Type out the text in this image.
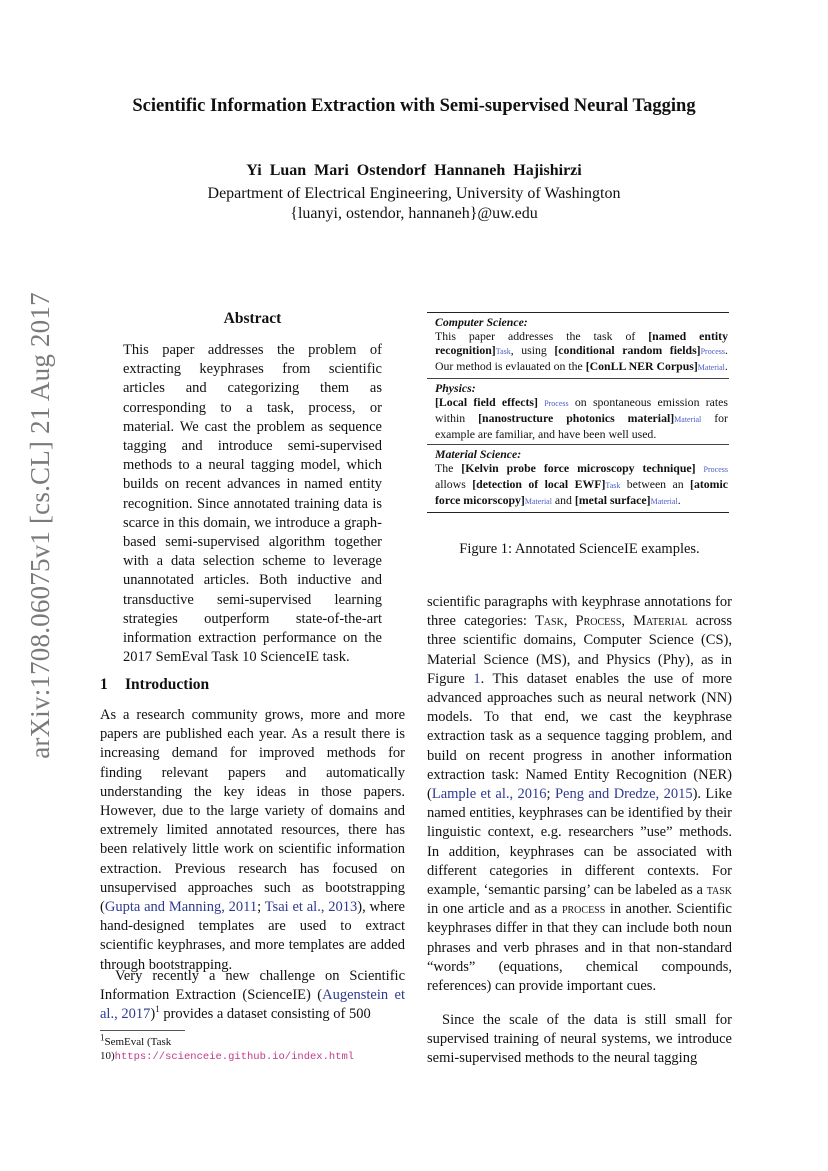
arXiv:1708.06075v1 [cs.CL] 21 Aug 2017
Scientific Information Extraction with Semi-supervised Neural Tagging
Yi Luan Mari Ostendorf Hannaneh Hajishirzi
Department of Electrical Engineering, University of Washington
{luanyi, ostendor, hannaneh}@uw.edu
Abstract

This paper addresses the problem of extracting keyphrases from scientific articles and categorizing them as corresponding to a task, process, or material. We cast the problem as sequence tagging and introduce semi-supervised methods to a neural tagging model, which builds on recent advances in named entity recognition. Since annotated training data is scarce in this domain, we introduce a graph-based semi-supervised algorithm together with a data selection scheme to leverage unannotated articles. Both inductive and transductive semi-supervised learning strategies outperform state-of-the-art information extraction performance on the 2017 SemEval Task 10 ScienceIE task.

1 Introduction

As a research community grows, more and more papers are published each year. As a result there is increasing demand for improved methods for finding relevant papers and automatically understanding the key ideas in those papers. However, due to the large variety of domains and extremely limited annotated resources, there has been relatively little work on scientific information extraction. Previous research has focused on unsupervised approaches such as bootstrapping (Gupta and Manning, 2011; Tsai et al., 2013), where hand-designed templates are used to extract scientific keyphrases, and more templates are added through bootstrapping.

Very recently a new challenge on Scientific Information Extraction (ScienceIE) (Augenstein et al., 2017)$^1$ provides a dataset consisting of 500

$^1$SemEval (Task 10)https://scienceie.github.io/index.html
Computer Science:
This paper addresses the task of [named entity recognition]Task, using [conditional random fields]Process. Our method is evlauated on the [ConLL NER Corpus]Material.
Physics:
[Local field effects] Process on spontaneous emission rates within [nanostructure photonics material]Material for example are familiar, and have been well used.
Material Science:
The [Kelvin probe force microscopy technique] Process allows [detection of local EWF]Task between an [atomic force micorscopy]Material and [metal surface]Material.
Figure 1: Annotated ScienceIE examples.

scientific paragraphs with keyphrase annotations for three categories: Task, Process, Material across three scientific domains, Computer Science (CS), Material Science (MS), and Physics (Phy), as in Figure 1. This dataset enables the use of more advanced approaches such as neural network (NN) models. To that end, we cast the keyphrase extraction task as a sequence tagging problem, and build on recent progress in another information extraction task: Named Entity Recognition (NER) (Lample et al., 2016; Peng and Dredze, 2015). Like named entities, keyphrases can be identified by their linguistic context, e.g. researchers ”use” methods. In addition, keyphrases can be associated with different categories in different contexts. For example, ‘semantic parsing’ can be labeled as a task in one article and as a process in another. Scientific keyphrases differ in that they can include both noun phrases and verb phrases and in that non-standard “words” (equations, chemical compounds, references) can provide important cues.

Since the scale of the data is still small for supervised training of neural systems, we introduce semi-supervised methods to the neural tagging
